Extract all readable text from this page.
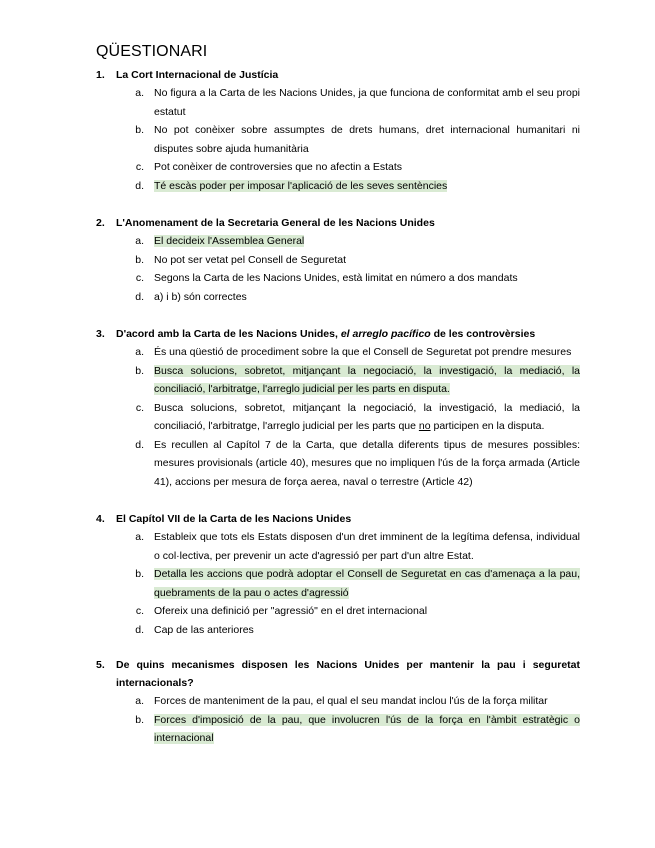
QÜESTIONARI
1.	La Cort Internacional de Justícia
a. No figura a la Carta de les Nacions Unides, ja que funciona de conformitat amb el seu propi estatut
b. No pot conèixer sobre assumptes de drets humans, dret internacional humanitari ni disputes sobre ajuda humanitària
c. Pot conèixer de controversies que no afectin a Estats
d. Té escàs poder per imposar l'aplicació de les seves sentències
2.	L'Anomenament de la Secretaria General de les Nacions Unides
a. El decideix l'Assemblea General
b. No pot ser vetat pel Consell de Seguretat
c. Segons la Carta de les Nacions Unides, està limitat en número a dos mandats
d. a) i b) són correctes
3.	D'acord amb la Carta de les Nacions Unides, el arreglo pacífico de les controvèrsies
a. És una qüestió de procediment sobre la que el Consell de Seguretat pot prendre mesures
b. Busca solucions, sobretot, mitjançant la negociació, la investigació, la mediació, la conciliació, l'arbitratge, l'arreglo judicial per les parts en disputa.
c. Busca solucions, sobretot, mitjançant la negociació, la investigació, la mediació, la conciliació, l'arbitratge, l'arreglo judicial per les parts que no participen en la disputa.
d. Es recullen al Capítol 7 de la Carta, que detalla diferents tipus de mesures possibles: mesures provisionals (article 40), mesures que no impliquen l'ús de la força armada (Article 41), accions per mesura de força aerea, naval o terrestre (Article 42)
4.	El Capítol VII de la Carta de les Nacions Unides
a. Estableix que tots els Estats disposen d'un dret imminent de la legítima defensa, individual o col·lectiva, per prevenir un acte d'agressió per part d'un altre Estat.
b. Detalla les accions que podrà adoptar el Consell de Seguretat en cas d'amenaça a la pau, quebraments de la pau o actes d'agressió
c. Ofereix una definició per "agressió" en el dret internacional
d. Cap de las anteriores
5.	De quins mecanismes disposen les Nacions Unides per mantenir la pau i seguretat internacionals?
a. Forces de manteniment de la pau, el qual el seu mandat inclou l'ús de la força militar
b. Forces d'imposició de la pau, que involucren l'ús de la força en l'àmbit estratègic o internacional
